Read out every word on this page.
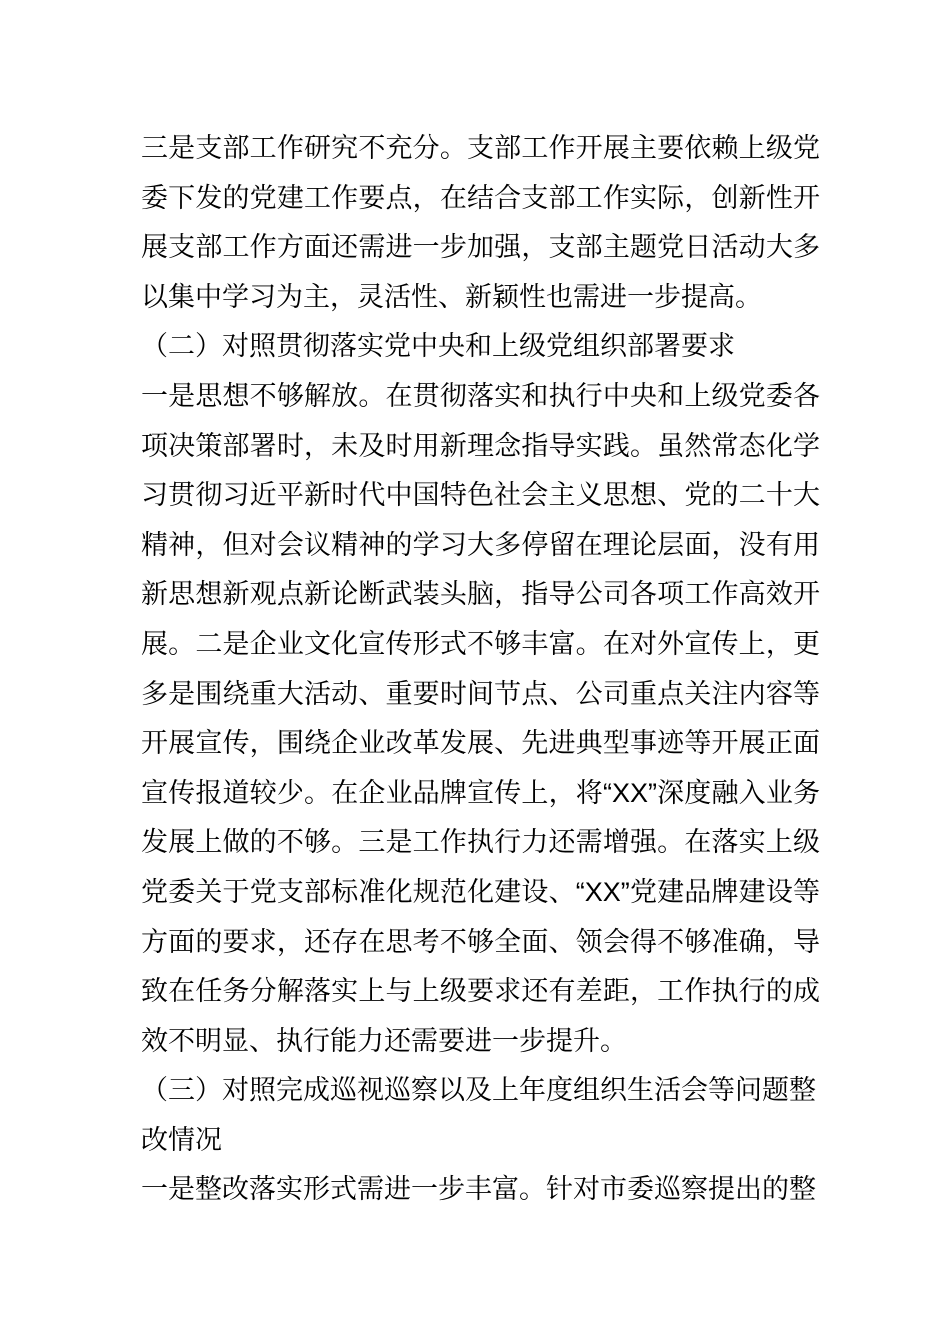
三是支部工作研究不充分。支部工作开展主要依赖上级党委下发的党建工作要点，在结合支部工作实际，创新性开展支部工作方面还需进一步加强，支部主题党日活动大多以集中学习为主，灵活性、新颖性也需进一步提高。

（二）对照贯彻落实党中央和上级党组织部署要求

一是思想不够解放。在贯彻落实和执行中央和上级党委各项决策部署时，未及时用新理念指导实践。虽然常态化学习贯彻习近平新时代中国特色社会主义思想、党的二十大精神，但对会议精神的学习大多停留在理论层面，没有用新思想新观点新论断武装头脑，指导公司各项工作高效开展。二是企业文化宣传形式不够丰富。在对外宣传上，更多是围绕重大活动、重要时间节点、公司重点关注内容等开展宣传，围绕企业改革发展、先进典型事迹等开展正面宣传报道较少。在企业品牌宣传上，将“XX”深度融入业务发展上做的不够。三是工作执行力还需增强。在落实上级党委关于党支部标准化规范化建设、“XX”党建品牌建设等方面的要求，还存在思考不够全面、领会得不够准确，导致在任务分解落实上与上级要求还有差距，工作执行的成效不明显、执行能力还需要进一步提升。

（三）对照完成巡视巡察以及上年度组织生活会等问题整改情况

一是整改落实形式需进一步丰富。针对市委巡察提出的整
